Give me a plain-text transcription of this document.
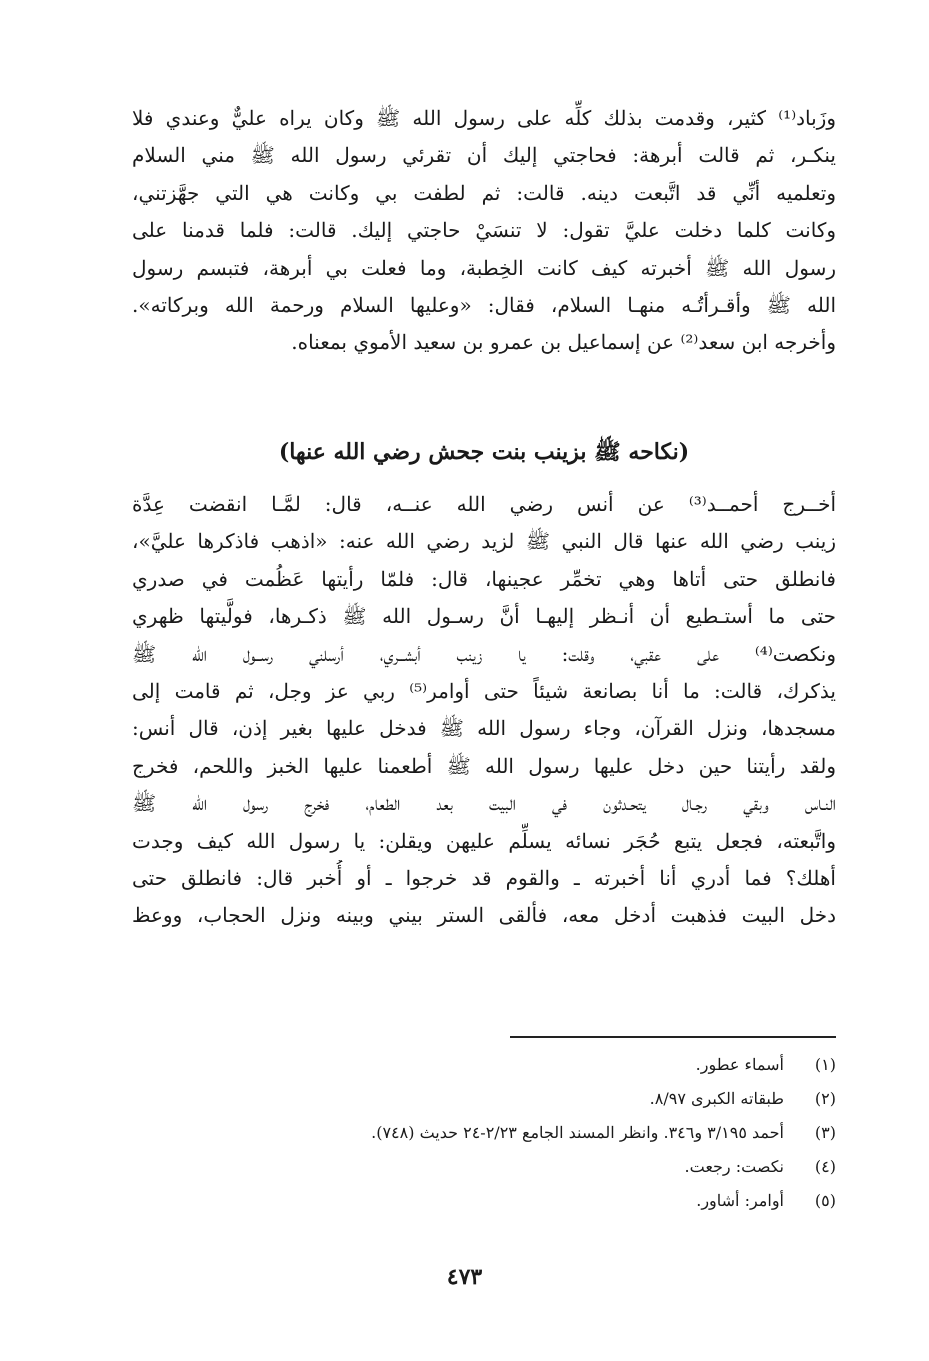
وزَباد⁽¹⁾ كثير، وقدمت بذلك كلِّه على رسول الله ﷺ وكان يراه عليٌّ وعندي فلا
ينكـر، ثم قالت أبرهة: فحاجتي إليك أن تقرئي رسول الله ﷺ مني السلام
وتعلميه أنِّي قد اتَّبعت دينه. قالت: ثم لطفت بي وكانت هي التي جهَّزتني،
وكانت كلما دخلت عليَّ تقول: لا تنسَيْ حاجتي إليك. قالت: فلما قدمنا على
رسول الله ﷺ أخبرته كيف كانت الخِطبة، وما فعلت بي أبرهة، فتبسم رسول
الله ﷺ وأقـرأتُـه منهـا السلام، فقال: «وعليها السلام ورحمة الله وبركاته».
وأخرجه ابن سعد⁽²⁾ عن إسماعيل بن عمرو بن سعيد الأموي بمعناه.
(نكاحه ﷺ بزينب بنت جحش رضي الله عنها)
أخــرج أحمــد⁽³⁾ عن أنس رضي الله عنــه، قال: لمَّـا انقضت عِدَّة
زينب رضي الله عنها قال النبي ﷺ لزيد رضي الله عنه: «اذهب فاذكرها عليَّ»،
فانطلق حتى أتاها وهي تخمِّر عجينها، قال: فلمّا رأيتها عَظُمت في صدري
حتى ما أستـطيع أن أنـظر إليهـا أنَّ رسـول الله ﷺ ذكـرها، فولَّيتها ظهري
ونكصت⁽⁴⁾ على عقبي، وقلت: يا زينب أبشــري، أرسلني رســول الله ﷺ
يذكرك، قالت: ما أنا بصانعة شيئاً حتى أوامر⁽⁵⁾ ربي عز وجل، ثم قامت إلى
مسجدها، ونزل القرآن، وجاء رسول الله ﷺ فدخل عليها بغير إذن، قال أنس:
ولقد رأيتنا حين دخل عليها رسول الله ﷺ أطعمنا عليها الخبز واللحم، فخرج
النـاس وبقي رجـال يتحـدثون في البيت بعد الطعام، فخرج رسول الله ﷺ
واتَّبعته، فجعل يتبع حُجَر نسائه يسلِّم عليهن ويقلن: يا رسول الله كيف وجدت
أهلك؟ فما أدري أنا أخبرته ـ والقوم قد خرجوا ـ أو أُخبر قال: فانطلق حتى
دخل البيت فذهبت أدخل معه، فألقى الستر بيني وبينه ونزل الحجاب، ووعظ
(١)أسماء عطور.
(٢)طبقاته الكبرى ٨/٩٧.
(٣)أحمد ٣/١٩٥ و٣٤٦. وانظر المسند الجامع ٢/٢٣-٢٤ حديث (٧٤٨).
(٤)نكصت: رجعت.
(٥)أوامر: أشاور.
٤٧٣
